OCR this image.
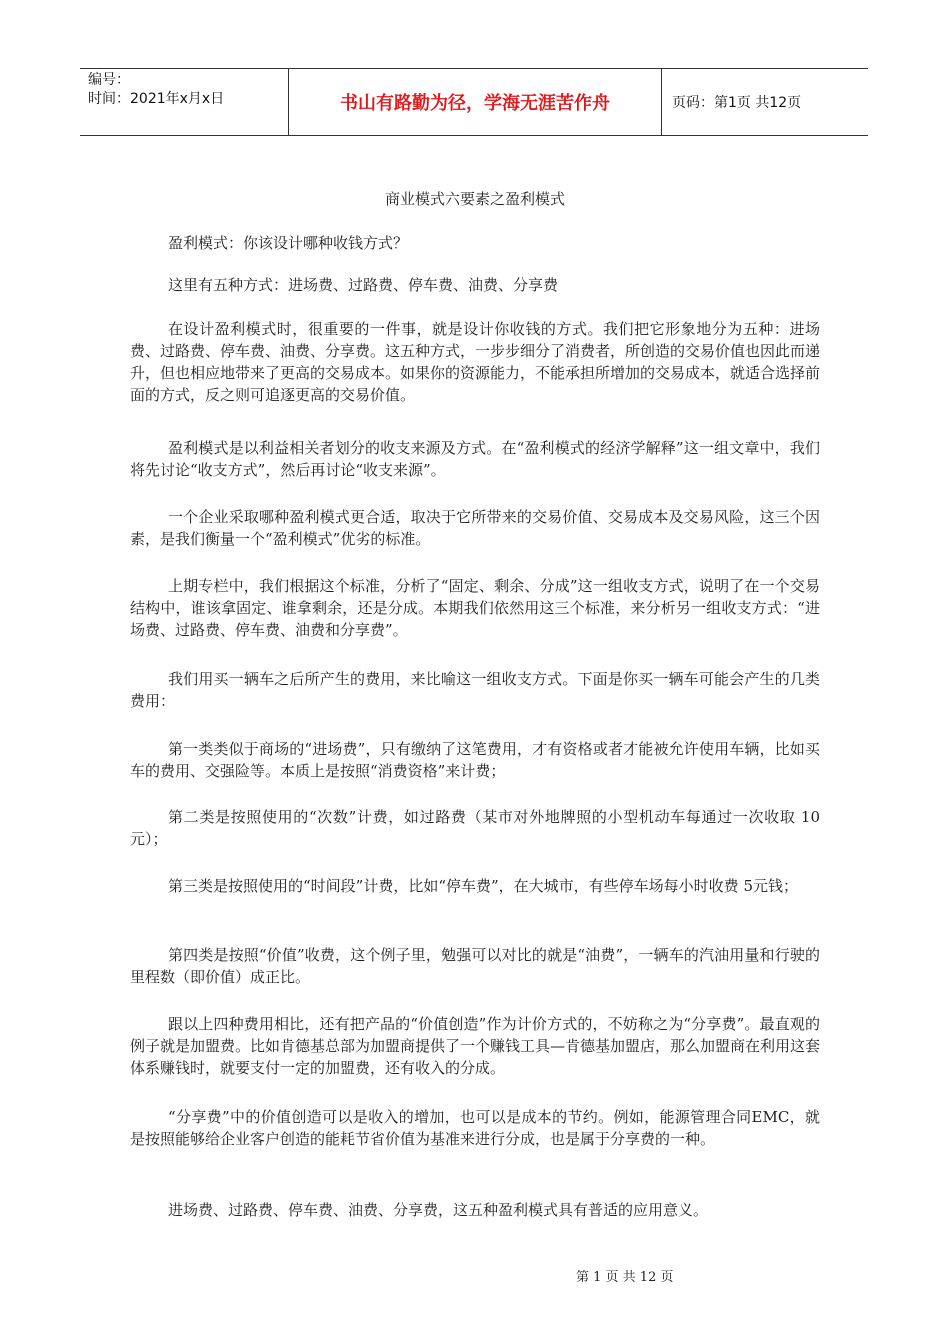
编号：
时间：2021年x月x日	书山有路勤为径，学海无涯苦作舟	页码：第1页 共12页
商业模式六要素之盈利模式
盈利模式：你该设计哪种收钱方式？
这里有五种方式：进场费、过路费、停车费、油费、分享费
在设计盈利模式时，很重要的一件事，就是设计你收钱的方式。我们把它形象地分为五种：进场费、过路费、停车费、油费、分享费。这五种方式，一步步细分了消费者，所创造的交易价值也因此而递升，但也相应地带来了更高的交易成本。如果你的资源能力，不能承担所增加的交易成本，就适合选择前面的方式，反之则可追逐更高的交易价值。
盈利模式是以利益相关者划分的收支来源及方式。在“盈利模式的经济学解释”这一组文章中，我们将先讨论“收支方式”，然后再讨论“收支来源”。
一个企业采取哪种盈利模式更合适，取决于它所带来的交易价值、交易成本及交易风险，这三个因素，是我们衡量一个“盈利模式”优劣的标准。
上期专栏中，我们根据这个标准，分析了“固定、剩余、分成”这一组收支方式，说明了在一个交易结构中，谁该拿固定、谁拿剩余，还是分成。本期我们依然用这三个标准，来分析另一组收支方式：“进场费、过路费、停车费、油费和分享费”。
我们用买一辆车之后所产生的费用，来比喻这一组收支方式。下面是你买一辆车可能会产生的几类费用：
第一类类似于商场的“进场费”，只有缴纳了这笔费用，才有资格或者才能被允许使用车辆，比如买车的费用、交强险等。本质上是按照“消费资格”来计费；
第二类是按照使用的“次数”计费，如过路费（某市对外地牌照的小型机动车每通过一次收取 10元）；
第三类是按照使用的“时间段”计费，比如“停车费”，在大城市，有些停车场每小时收费 5元钱；
第四类是按照“价值”收费，这个例子里，勉强可以对比的就是“油费”，一辆车的汽油用量和行驶的里程数（即价值）成正比。
跟以上四种费用相比，还有把产品的“价值创造”作为计价方式的，不妨称之为“分享费”。最直观的例子就是加盟费。比如肯德基总部为加盟商提供了一个赚钱工具—肯德基加盟店，那么加盟商在利用这套体系赚钱时，就要支付一定的加盟费，还有收入的分成。
“分享费”中的价值创造可以是收入的增加，也可以是成本的节约。例如，能源管理合同EMC，就是按照能够给企业客户创造的能耗节省价值为基准来进行分成，也是属于分享费的一种。
进场费、过路费、停车费、油费、分享费，这五种盈利模式具有普适的应用意义。
第 1 页 共 12 页
